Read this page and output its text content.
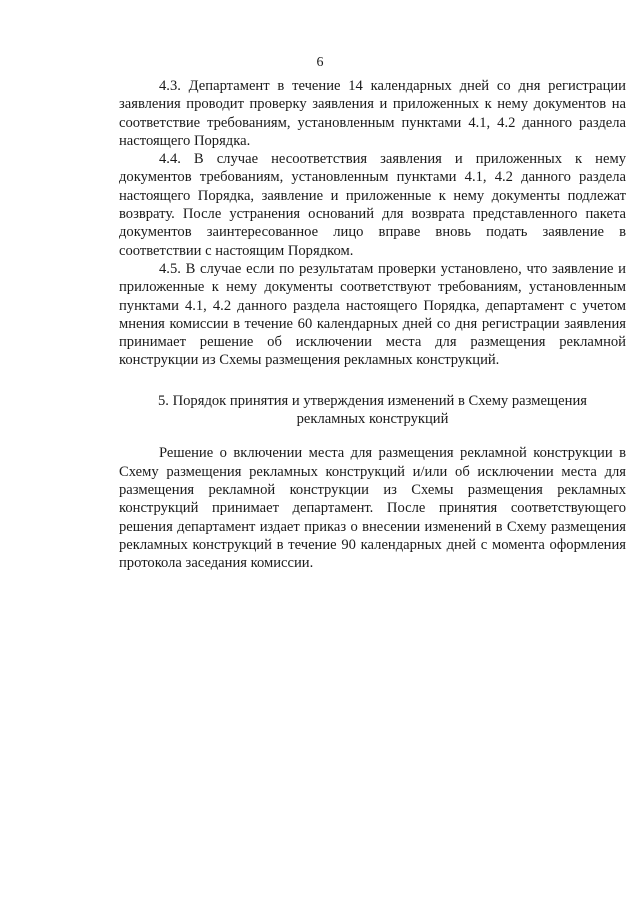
6

4.3. Департамент в течение 14 календарных дней со дня регистрации заявления проводит проверку заявления и приложенных к нему документов на соответствие требованиям, установленным пунктами 4.1, 4.2 данного раздела настоящего Порядка.

4.4. В случае несоответствия заявления и приложенных к нему документов требованиям, установленным пунктами 4.1, 4.2 данного раздела настоящего Порядка, заявление и приложенные к нему документы подлежат возврату. После устранения оснований для возврата представленного пакета документов заинтересованное лицо вправе вновь подать заявление в соответствии с настоящим Порядком.

4.5. В случае если по результатам проверки установлено, что заявление и приложенные к нему документы соответствуют требованиям, установленным пунктами 4.1, 4.2 данного раздела настоящего Порядка, департамент с учетом мнения комиссии в течение 60 календарных дней со дня регистрации заявления принимает решение об исключении места для размещения рекламной конструкции из Схемы размещения рекламных конструкций.

5. Порядок принятия и утверждения изменений в Схему размещения рекламных конструкций

Решение о включении места для размещения рекламной конструкции в Схему размещения рекламных конструкций и/или об исключении места для размещения рекламной конструкции из Схемы размещения рекламных конструкций принимает департамент. После принятия соответствующего решения департамент издает приказ о внесении изменений в Схему размещения рекламных конструкций в течение 90 календарных дней с момента оформления протокола заседания комиссии.
